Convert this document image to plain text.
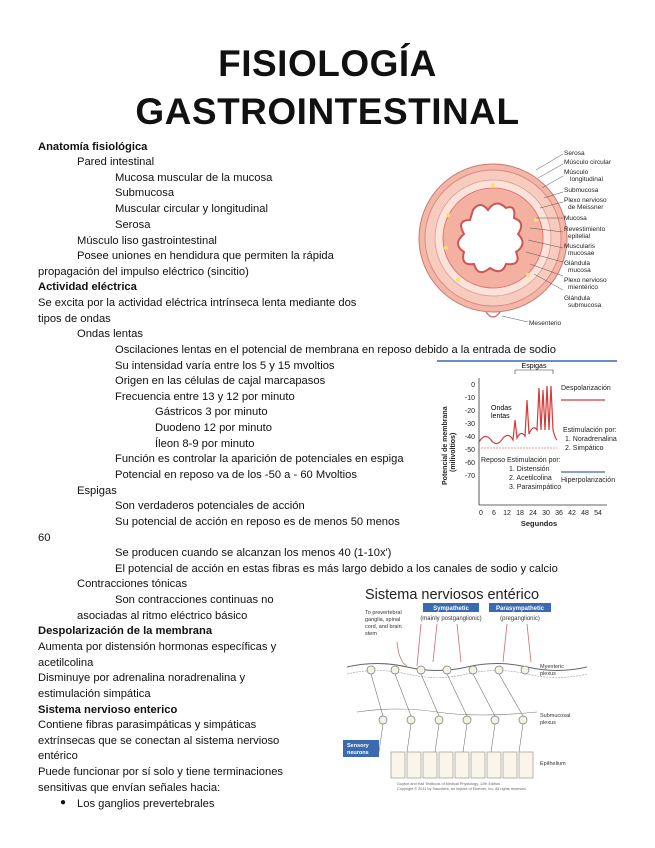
FISIOLOGÍA
GASTROINTESTINAL
Anatomía fisiológica
Pared intestinal
Mucosa muscular de la mucosa
Submucosa
Muscular circular y longitudinal
Serosa
Músculo liso gastrointestinal
Posee uniones en hendidura que permiten la rápida
propagación del impulso eléctrico (sincitio)
Actividad eléctrica
Se excita por la actividad eléctrica intrínseca lenta mediante dos
tipos de ondas
Ondas lentas
Oscilaciones lentas en el potencial de membrana en reposo debido a la entrada de sodio
Su intensidad varía entre los 5 y 15 mvoltios
Origen en las células de cajal marcapasos
Frecuencia entre 13 y 12 por minuto
Gástricos 3 por minuto
Duodeno 12 por minuto
Íleon 8-9 por minuto
Función es controlar la aparición de potenciales en espiga
Potencial en reposo va de los -50 a - 60 Mvoltios
Espigas
Son verdaderos potenciales de acción
Su potencial de acción en reposo es de menos 50 menos
60
Se producen cuando se alcanzan los menos 40 (1-10x')
El potencial de acción en estas fibras es más largo debido a los canales de sodio y calcio
Contracciones tónicas
Son contracciones continuas no
asociadas al ritmo eléctrico básico
Despolarización de la membrana
Aumenta por distensión hormonas específicas y
acetilcolina
Disminuye por adrenalina noradrenalina y
estimulación simpática
Sistema nervioso enterico
Contiene fibras parasimpáticas y simpáticas
extrínsecas que se conectan al sistema nervioso
entérico
Puede funcionar por sí solo y tiene terminaciones
sensitivas que envían señales hacia:
● Los ganglios prevertebrales
Serosa
Músculo circular
Músculo
longitudinal
Submucosa
Plexo nervioso
de Meissner
Mucosa
Revestimiento
epitelial
Muscularis
mucosae
Glándula
mucosa
Plexo nervioso
mientérico
Glándula
submucosa
Mesenterio
Potencial de membrana (milivoltios)
0
-10
-20
-30
-40
-50
-60
-70
0 6 12 18 24 30 36 42 48 54
Segundos
Espigas
Ondas
lentas
Reposo Estimulación por:
1. Distensión
2. Acetilcolina
3. Parasimpático
Despolarización
Estimulación por:
1. Noradrenalina
2. Simpático
Hiperpolarización
Sistema nerviosos entérico
To prevertebral
ganglia, spinal
cord, and brain
stem
Sympathetic	Parasympathetic
(mainly postganglionic)	(preganglionic)
Sensory
neurons
Myenteric
plexus
Submucosal
plexus
Epithelium
Guyton and Hall Textbook of Medical Physiology, 12th Edition
Copyright © 2011 by Saunders, an imprint of Elsevier, Inc. All rights reserved.
